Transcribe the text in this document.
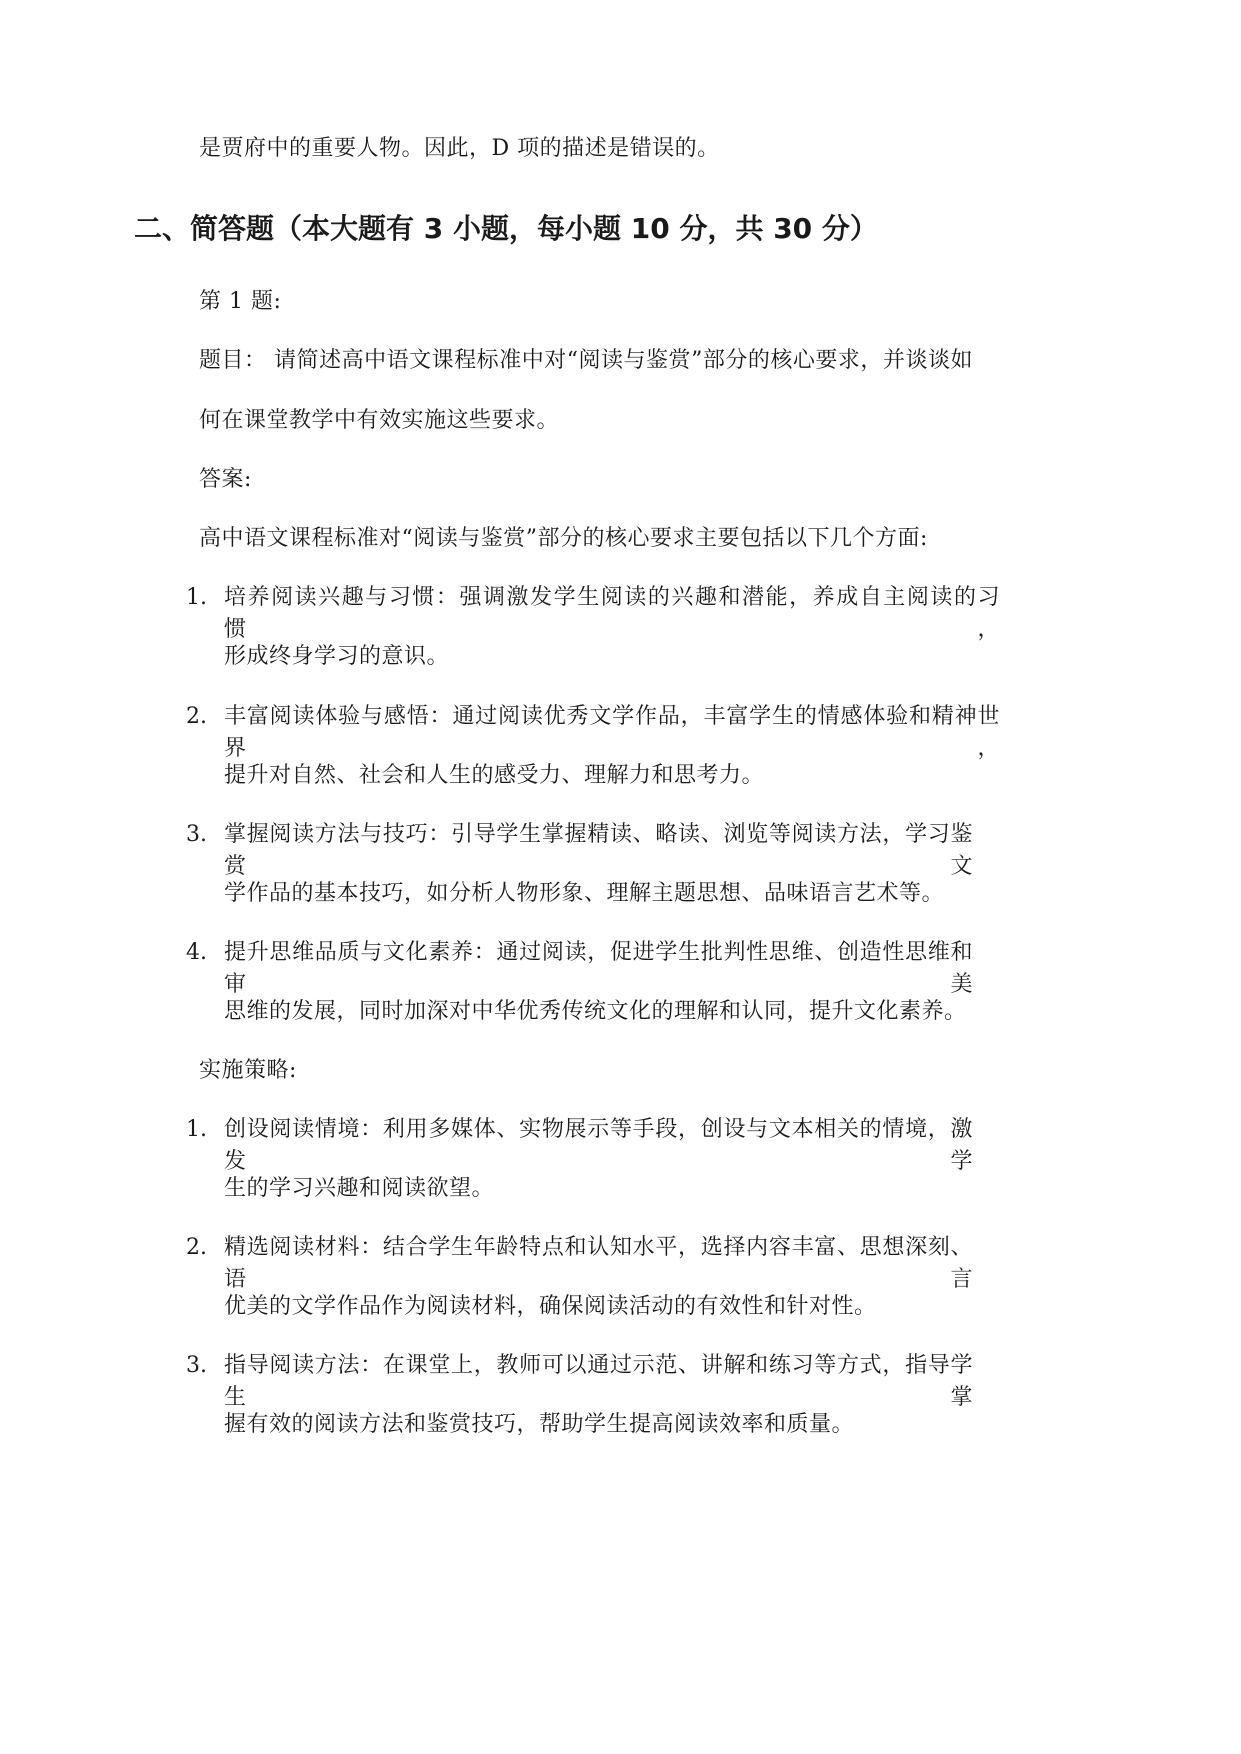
是贾府中的重要人物。因此，D 项的描述是错误的。
二、简答题（本大题有 3 小题，每小题 10 分，共 30 分）
第 1 题:
题目： 请简述高中语文课程标准中对“阅读与鉴赏”部分的核心要求，并谈谈如
何在课堂教学中有效实施这些要求。
答案:
高中语文课程标准对“阅读与鉴赏”部分的核心要求主要包括以下几个方面:
1. 培养阅读兴趣与习惯：强调激发学生阅读的兴趣和潜能，养成自主阅读的习惯，
形成终身学习的意识。
2. 丰富阅读体验与感悟：通过阅读优秀文学作品，丰富学生的情感体验和精神世界，
提升对自然、社会和人生的感受力、理解力和思考力。
3. 掌握阅读方法与技巧：引导学生掌握精读、略读、浏览等阅读方法，学习鉴赏文
学作品的基本技巧，如分析人物形象、理解主题思想、品味语言艺术等。
4. 提升思维品质与文化素养：通过阅读，促进学生批判性思维、创造性思维和审美
思维的发展，同时加深对中华优秀传统文化的理解和认同，提升文化素养。
实施策略:
1. 创设阅读情境：利用多媒体、实物展示等手段，创设与文本相关的情境，激发学
生的学习兴趣和阅读欲望。
2. 精选阅读材料：结合学生年龄特点和认知水平，选择内容丰富、思想深刻、语言
优美的文学作品作为阅读材料，确保阅读活动的有效性和针对性。
3. 指导阅读方法：在课堂上，教师可以通过示范、讲解和练习等方式，指导学生掌
握有效的阅读方法和鉴赏技巧，帮助学生提高阅读效率和质量。
